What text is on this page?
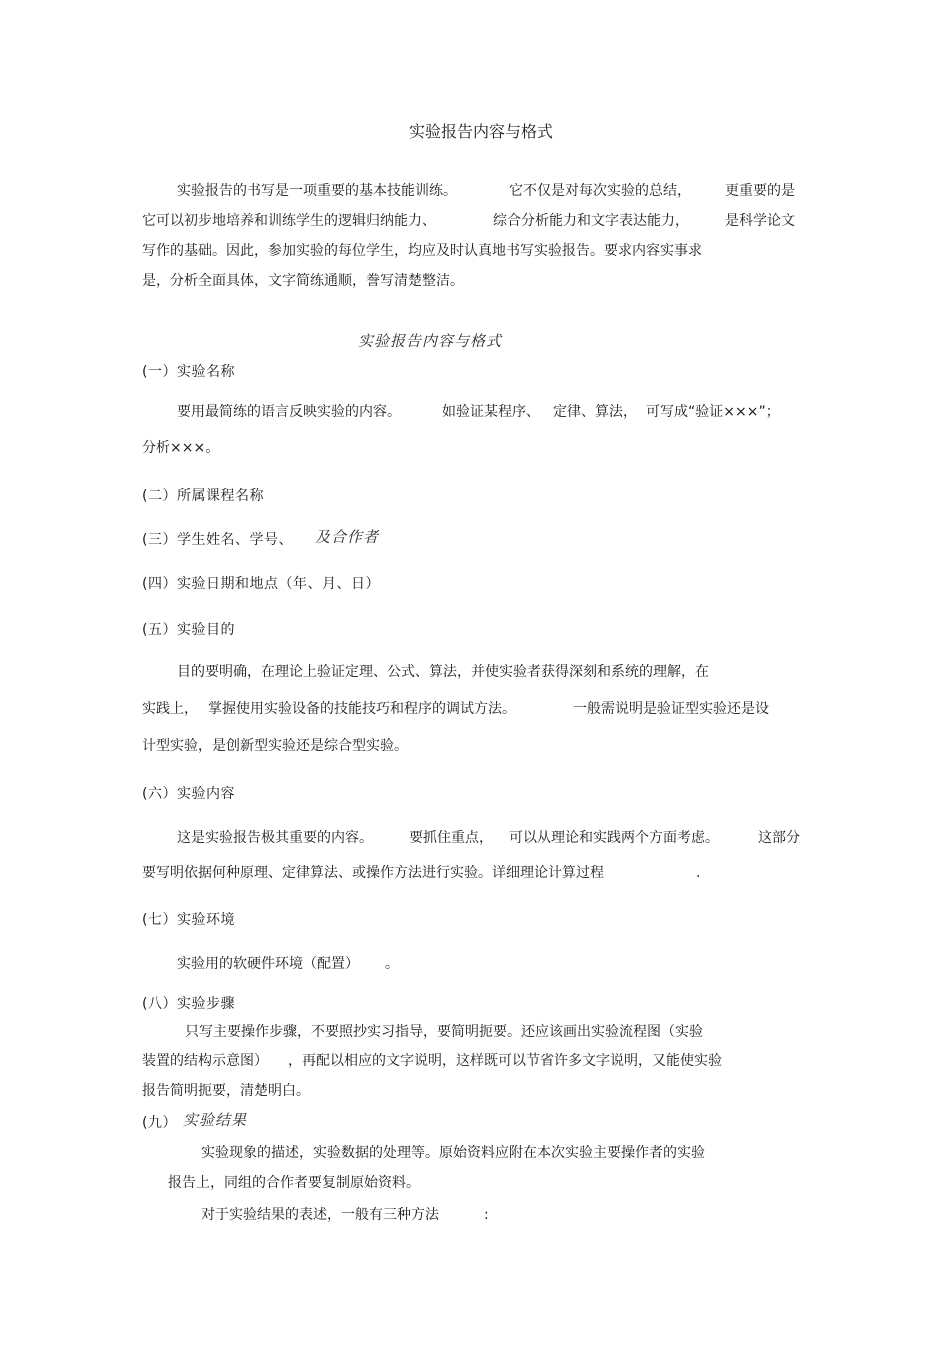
实验报告内容与格式

实验报告的书写是一项重要的基本技能训练。	它不仅是对每次实验的总结， 更重要的是

它可以初步地培养和训练学生的逻辑归纳能力、	综合分析能力和文字表达能力，	是科学论文

写作的基础。因此，参加实验的每位学生，均应及时认真地书写实验报告。要求内容实事求

是，分析全面具体，文字简练通顺，誊写清楚整洁。

实验报告内容与格式

(一）实验名称

要用最简练的语言反映实验的内容。	如验证某程序、 定律、算法， 可写成“验证×××”；

分析×××。

(二）所属课程名称

(三）学生姓名、学号、 及合作者

(四）实验日期和地点（年、月、日）

(五）实验目的

目的要明确，在理论上验证定理、公式、算法，并使实验者获得深刻和系统的理解，在

实践上， 掌握使用实验设备的技能技巧和程序的调试方法。	一般需说明是验证型实验还是设

计型实验，是创新型实验还是综合型实验。

(六）实验内容

这是实验报告极其重要的内容。	要抓住重点， 可以从理论和实践两个方面考虑。	这部分

要写明依据何种原理、定律算法、或操作方法进行实验。详细理论计算过程	.

(七）实验环境

实验用的软硬件环境（配置） 。

(八）实验步骤

只写主要操作步骤，不要照抄实习指导，要简明扼要。还应该画出实验流程图（实验

装置的结构示意图） ，再配以相应的文字说明，这样既可以节省许多文字说明，又能使实验

报告简明扼要，清楚明白。

(九） 实验结果

实验现象的描述，实验数据的处理等。原始资料应附在本次实验主要操作者的实验

报告上，同组的合作者要复制原始资料。

对于实验结果的表述，一般有三种方法	:
